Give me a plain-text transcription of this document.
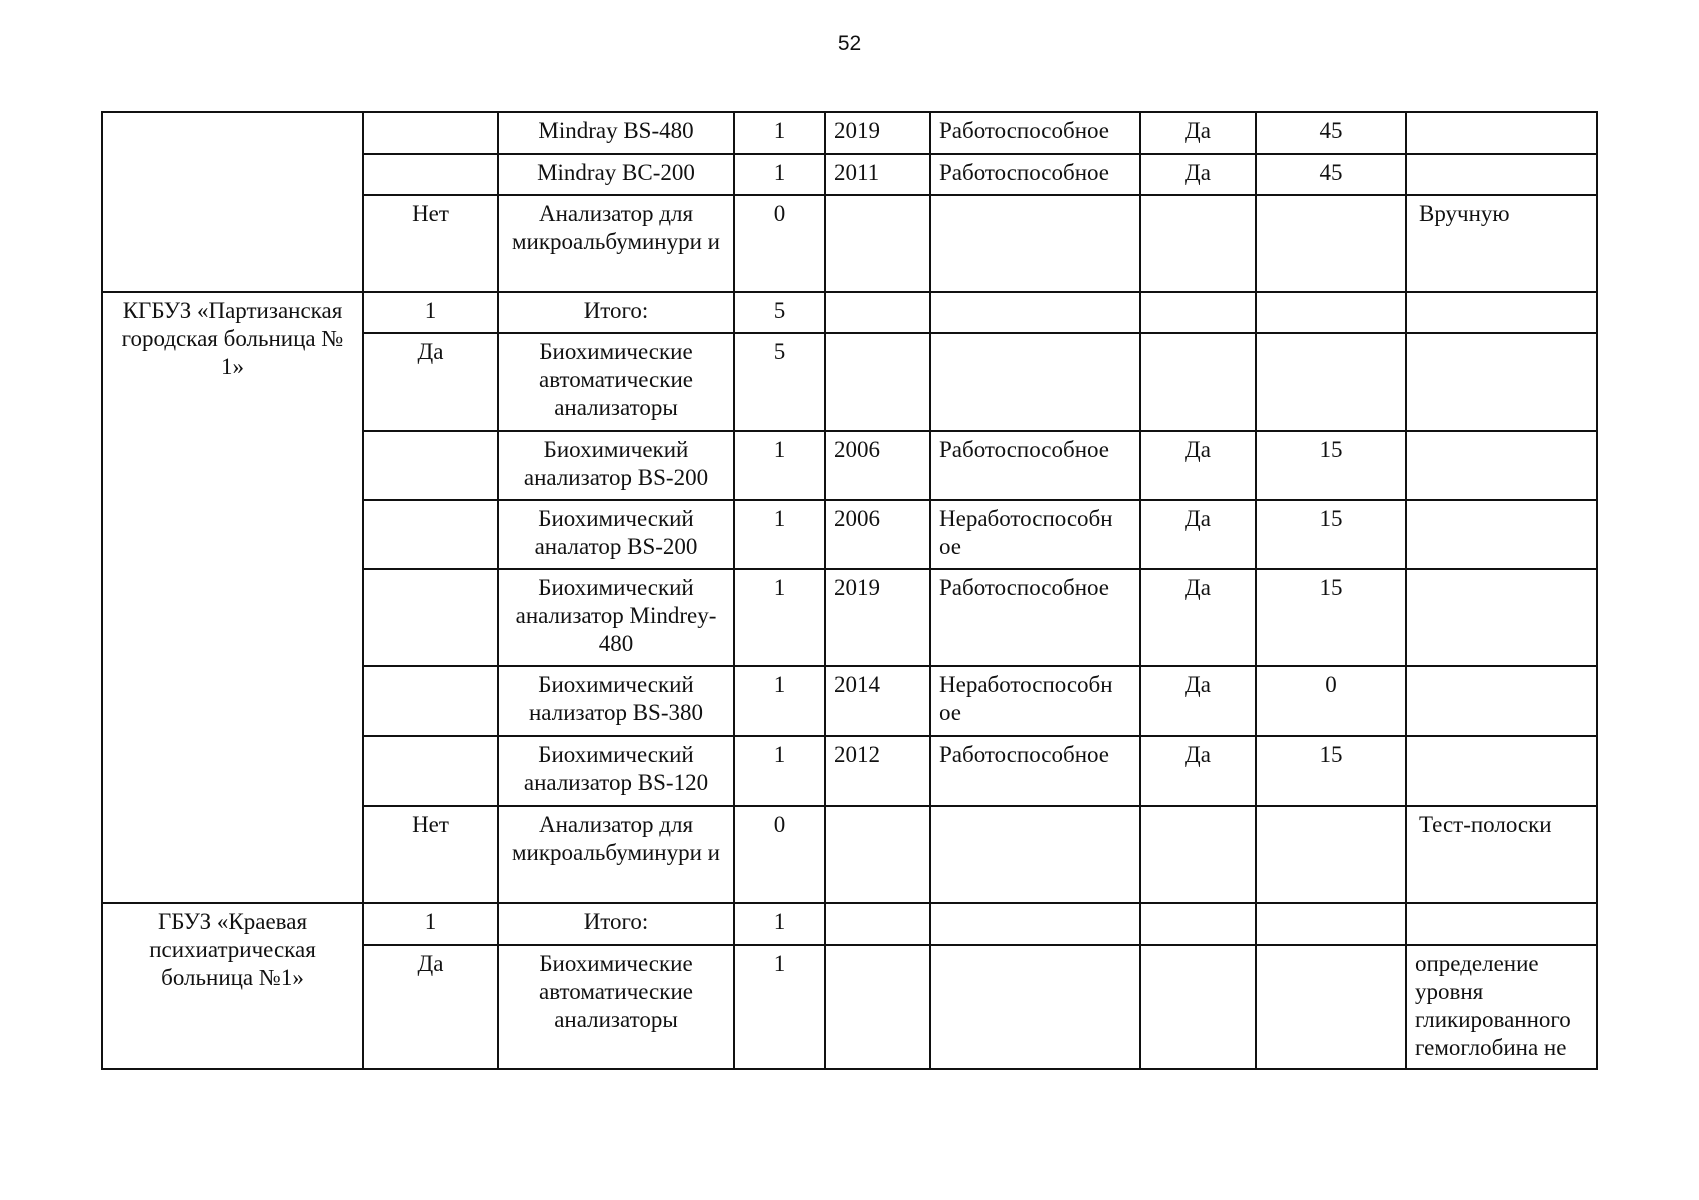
52
		Mindray BS-480	1	2019	Работоспособное	Да	45	
		Mindray BC-200	1	2011	Работоспособное	Да	45	
	Нет	Анализатор для микроальбуминури и	0					Вручную
КГБУЗ «Партизанская городская больница № 1»	1	Итого:	5					
	Да	Биохимические автоматические анализаторы	5					
		Биохимичекий анализатор BS-200	1	2006	Работоспособное	Да	15	
		Биохимический аналатор BS-200	1	2006	Неработоспособн ое	Да	15	
		Биохимический анализатор Mindrey-480	1	2019	Работоспособное	Да	15	
		Биохимический нализатор BS-380	1	2014	Неработоспособн ое	Да	0	
		Биохимический анализатор BS-120	1	2012	Работоспособное	Да	15	
	Нет	Анализатор для микроальбуминури и	0					Тест-полоски
ГБУЗ «Краевая психиатрическая больница №1»	1	Итого:	1					
	Да	Биохимические автоматические анализаторы	1					определение уровня гликированного гемоглобина не
